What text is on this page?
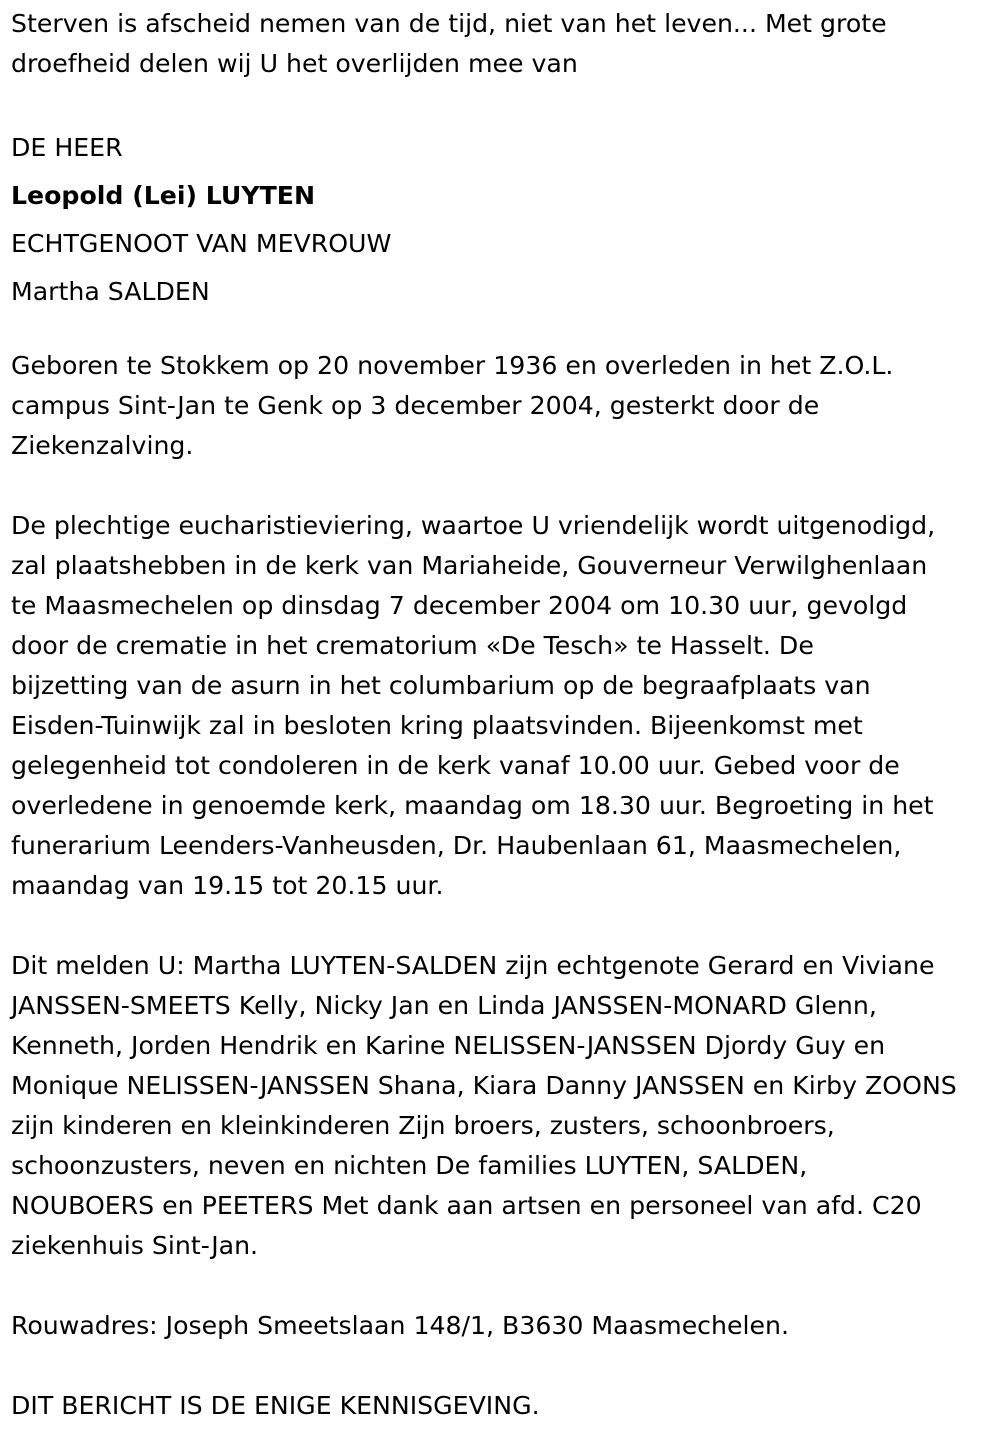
Sterven is afscheid nemen van de tijd, niet van het leven... Met grote
droefheid delen wij U het overlijden mee van
DE HEER
Leopold (Lei) LUYTEN
ECHTGENOOT VAN MEVROUW
Martha SALDEN
Geboren te Stokkem op 20 november 1936 en overleden in het Z.O.L.
campus Sint-Jan te Genk op 3 december 2004, gesterkt door de
Ziekenzalving.
De plechtige eucharistieviering, waartoe U vriendelijk wordt uitgenodigd,
zal plaatshebben in de kerk van Mariaheide, Gouverneur Verwilghenlaan
te Maasmechelen op dinsdag 7 december 2004 om 10.30 uur, gevolgd
door de crematie in het crematorium «De Tesch» te Hasselt. De
bijzetting van de asurn in het columbarium op de begraafplaats van
Eisden-Tuinwijk zal in besloten kring plaatsvinden. Bijeenkomst met
gelegenheid tot condoleren in de kerk vanaf 10.00 uur. Gebed voor de
overledene in genoemde kerk, maandag om 18.30 uur. Begroeting in het
funerarium Leenders-Vanheusden, Dr. Haubenlaan 61, Maasmechelen,
maandag van 19.15 tot 20.15 uur.
Dit melden U: Martha LUYTEN-SALDEN zijn echtgenote Gerard en Viviane
JANSSEN-SMEETS Kelly, Nicky Jan en Linda JANSSEN-MONARD Glenn,
Kenneth, Jorden Hendrik en Karine NELISSEN-JANSSEN Djordy Guy en
Monique NELISSEN-JANSSEN Shana, Kiara Danny JANSSEN en Kirby ZOONS
zijn kinderen en kleinkinderen Zijn broers, zusters, schoonbroers,
schoonzusters, neven en nichten De families LUYTEN, SALDEN,
NOUBOERS en PEETERS Met dank aan artsen en personeel van afd. C20
ziekenhuis Sint-Jan.
Rouwadres: Joseph Smeetslaan 148/1, B3630 Maasmechelen.
DIT BERICHT IS DE ENIGE KENNISGEVING.
